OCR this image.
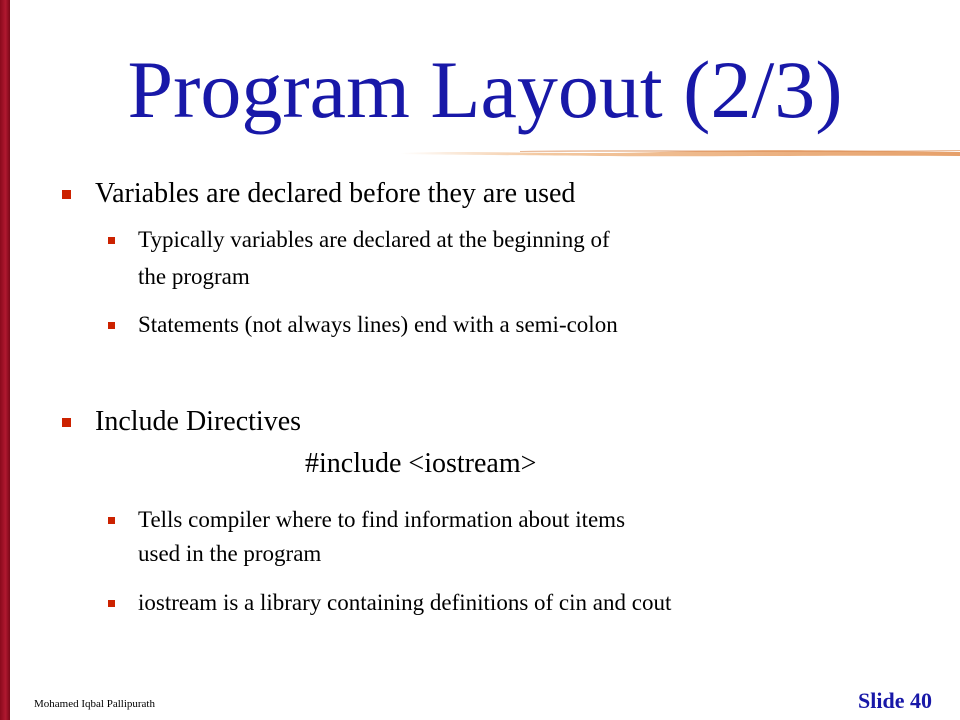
Program Layout (2/3)
Variables are declared before they are used
Typically variables are declared at the beginning of
the program
Statements (not always lines) end with a semi-colon
Include Directives
#include <iostream>
Tells compiler where to find information about items
used in the program
iostream is a library containing definitions of cin and cout
Mohamed Iqbal Pallipurath	Slide 40
